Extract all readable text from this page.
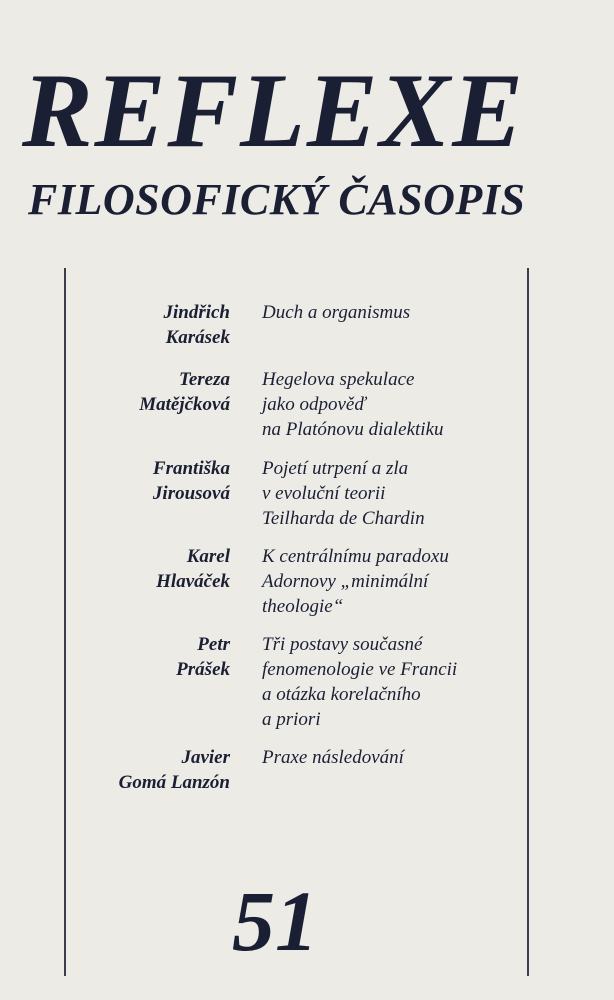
REFLEXE
FILOSOFICKÝ ČASOPIS
Jindřich
Karásek
Duch a organismus
Tereza
Matějčková
Hegelova spekulace
jako odpověď
na Platónovu dialektiku
Františka
Jirousová
Pojetí utrpení a zla
v evoluční teorii
Teilharda de Chardin
Karel
Hlaváček
K centrálnímu paradoxu
Adornovy „minimální
theologie“
Petr
Prášek
Tři postavy současné
fenomenologie ve Francii
a otázka korelačního
a priori
Javier
Gomá Lanzón
Praxe následování
51
